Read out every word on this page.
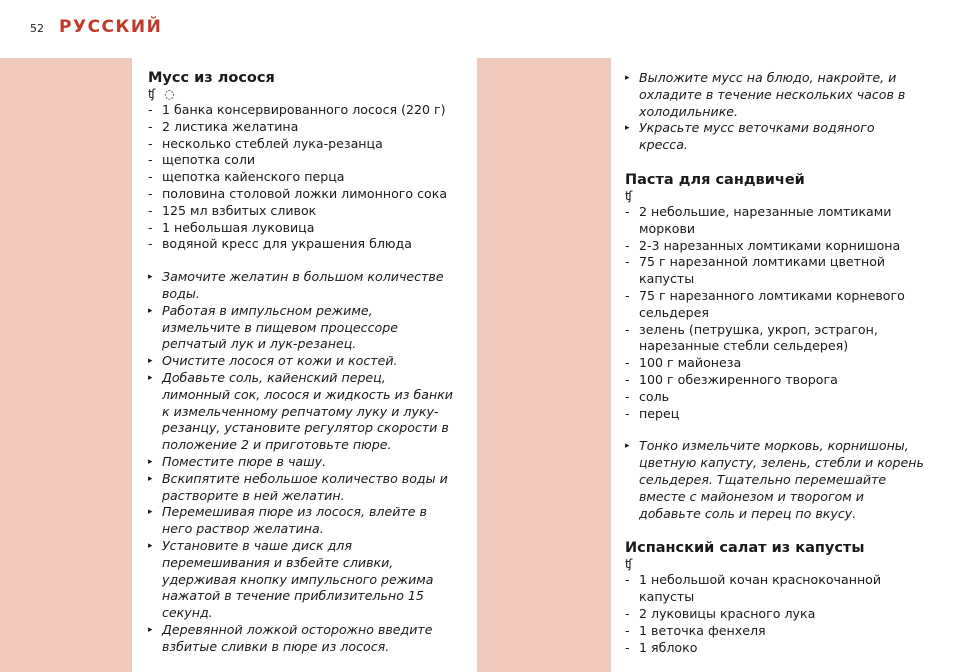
52 РУССКИЙ
Мусс из лосося
ʧ ◌
- 1 банка консервированного лосося (220 г)
- 2 листика желатина
- несколько стеблей лука-резанца
- щепотка соли
- щепотка кайенского перца
- половина столовой ложки лимонного сока
- 125 мл взбитых сливок
- 1 небольшая луковица
- водяной кресс для украшения блюда
▸ Замочите желатин в большом количестве воды.
▸ Работая в импульсном режиме, измельчите в пищевом процессоре репчатый лук и лук-резанец.
▸ Очистите лосося от кожи и костей.
▸ Добавьте соль, кайенский перец, лимонный сок, лосося и жидкость из банки к измельченному репчатому луку и луку-резанцу, установите регулятор скорости в положение 2 и приготовьте пюре.
▸ Поместите пюре в чашу.
▸ Вскипятите небольшое количество воды и растворите в ней желатин.
▸ Перемешивая пюре из лосося, влейте в него раствор желатина.
▸ Установите в чаше диск для перемешивания и взбейте сливки, удерживая кнопку импульсного режима нажатой в течение приблизительно 15 секунд.
▸ Деревянной ложкой осторожно введите взбитые сливки в пюре из лосося.
▸ Выложите мусс на блюдо, накройте, и охладите в течение нескольких часов в холодильнике.
▸ Украсьте мусс веточками водяного кресса.
Паста для сандвичей
ʧ
- 2 небольшие, нарезанные ломтиками моркови
- 2-3 нарезанных ломтиками корнишона
- 75 г нарезанной ломтиками цветной капусты
- 75 г нарезанного ломтиками корневого сельдерея
- зелень (петрушка, укроп, эстрагон, нарезанные стебли сельдерея)
- 100 г майонеза
- 100 г обезжиренного творога
- соль
- перец
▸ Тонко измельчите морковь, корнишоны, цветную капусту, зелень, стебли и корень сельдерея. Тщательно перемешайте вместе с майонезом и творогом и добавьте соль и перец по вкусу.
Испанский салат из капусты
ʧ
- 1 небольшой кочан краснокочанной капусты
- 2 луковицы красного лука
- 1 веточка фенхеля
- 1 яблоко
